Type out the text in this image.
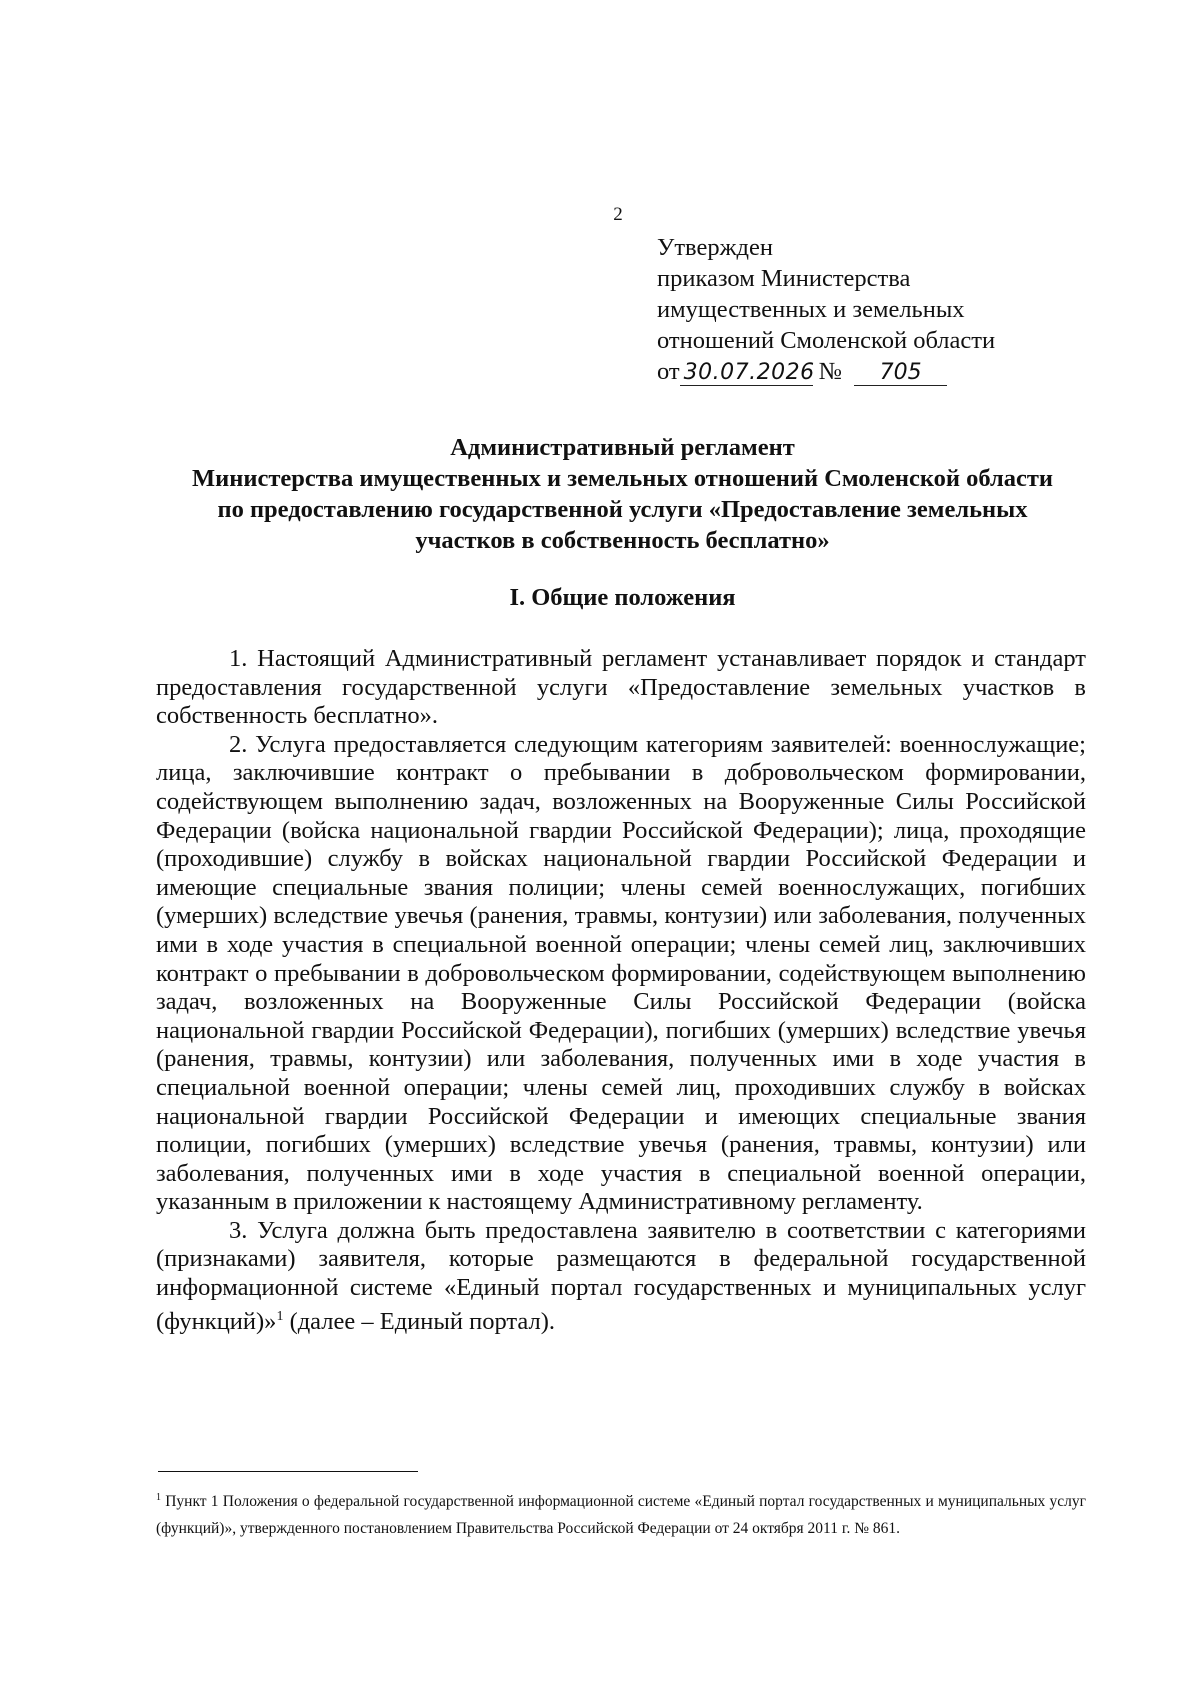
2
Утвержден
приказом Министерства
имущественных и земельных
отношений Смоленской области
от 30.07.2026 № 705
Административный регламент
Министерства имущественных и земельных отношений Смоленской области
по предоставлению государственной услуги «Предоставление земельных
участков в собственность бесплатно»
I. Общие положения

1. Настоящий Административный регламент устанавливает порядок и стандарт предоставления государственной услуги «Предоставление земельных участков в собственность бесплатно».

2. Услуга предоставляется следующим категориям заявителей: военнослужащие; лица, заключившие контракт о пребывании в добровольческом формировании, содействующем выполнению задач, возложенных на Вооруженные Силы Российской Федерации (войска национальной гвардии Российской Федерации); лица, проходящие (проходившие) службу в войсках национальной гвардии Российской Федерации и имеющие специальные звания полиции; члены семей военнослужащих, погибших (умерших) вследствие увечья (ранения, травмы, контузии) или заболевания, полученных ими в ходе участия в специальной военной операции; члены семей лиц, заключивших контракт о пребывании в добровольческом формировании, содействующем выполнению задач, возложенных на Вооруженные Силы Российской Федерации (войска национальной гвардии Российской Федерации), погибших (умерших) вследствие увечья (ранения, травмы, контузии) или заболевания, полученных ими в ходе участия в специальной военной операции; члены семей лиц, проходивших службу в войсках национальной гвардии Российской Федерации и имеющих специальные звания полиции, погибших (умерших) вследствие увечья (ранения, травмы, контузии) или заболевания, полученных ими в ходе участия в специальной военной операции, указанным в приложении к настоящему Административному регламенту.

3. Услуга должна быть предоставлена заявителю в соответствии с категориями (признаками) заявителя, которые размещаются в федеральной государственной информационной системе «Единый портал государственных и муниципальных услуг (функций)»$^1$ (далее – Единый портал).

$^1$ Пункт 1 Положения о федеральной государственной информационной системе «Единый портал государственных и муниципальных услуг (функций)», утвержденного постановлением Правительства Российской Федерации от 24 октября 2011 г. № 861.
